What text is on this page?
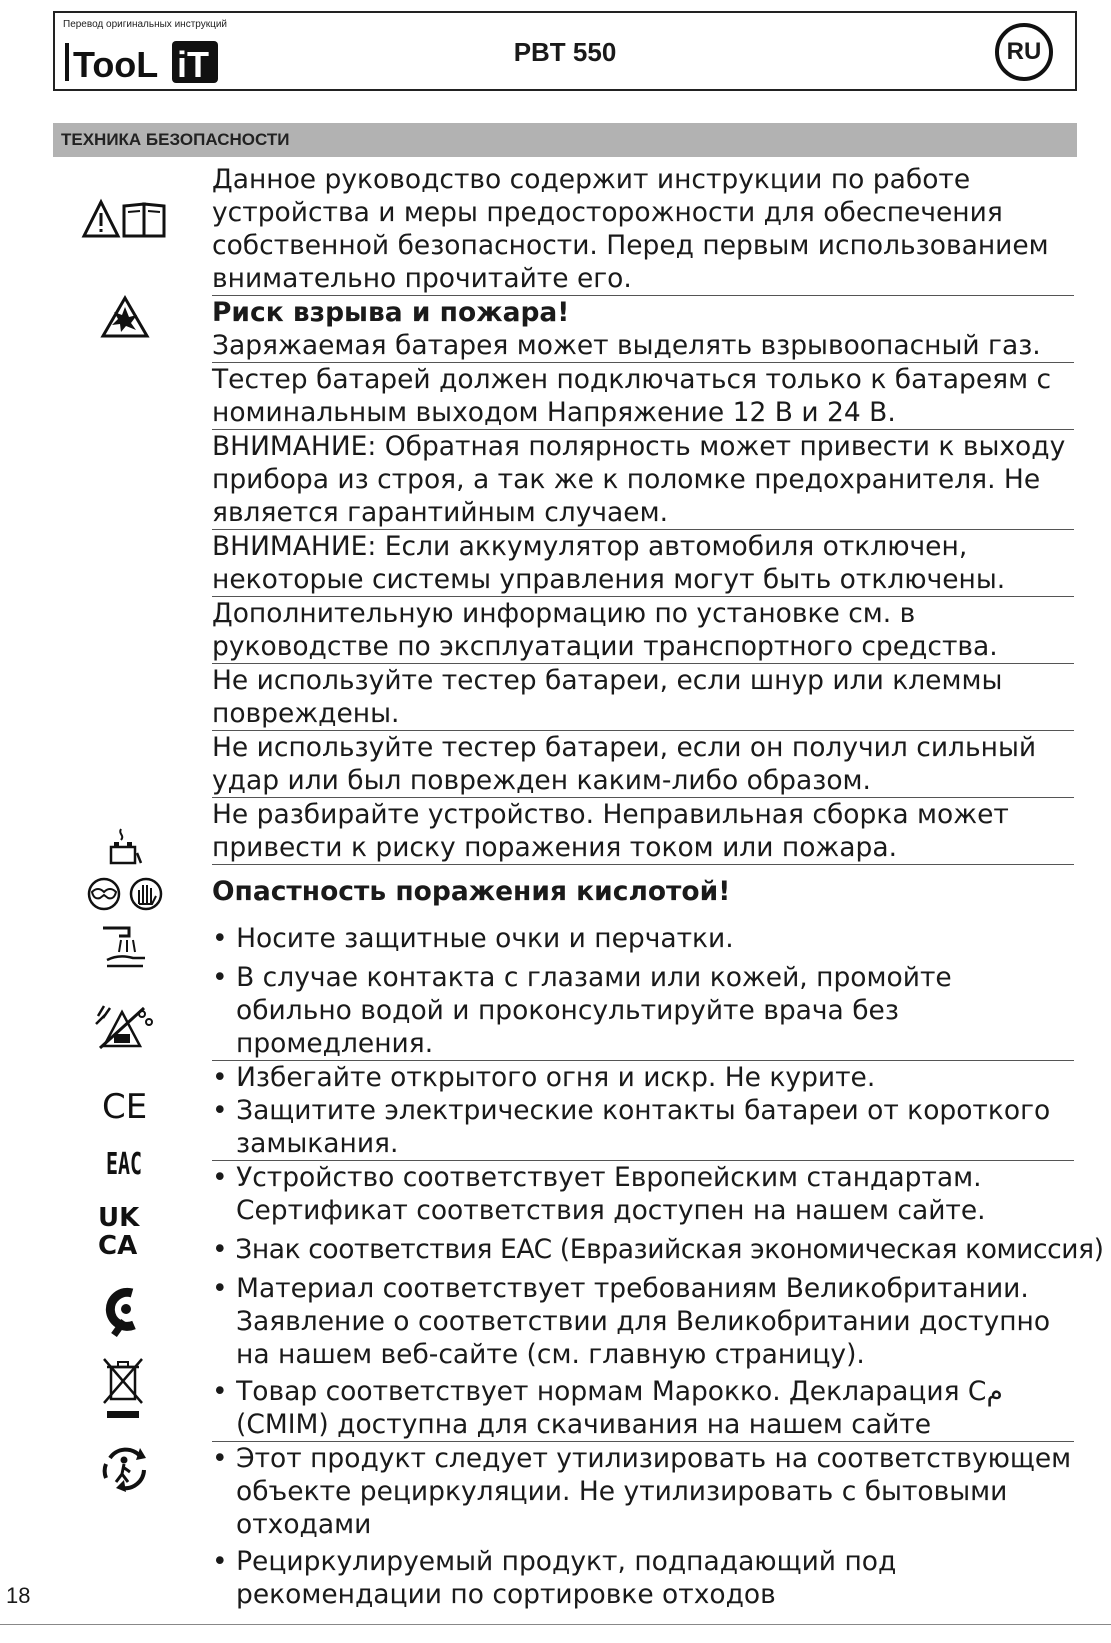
Перевод оригинальных инструкций
TooL iT	PBT 550	RU
ТЕХНИКА БЕЗОПАСНОСТИ
CE
EAC
UK
CA

Данное руководство содержит инструкции по работе устройства и меры предосторожности для обеспечения собственной безопасности. Перед первым использованием внимательно прочитайте его.

Риск взрыва и пожара!

Заряжаемая батарея может выделять взрывоопасный газ.

Тестер батарей должен подключаться только к батареям с номинальным выходом Напряжение 12 В и 24 В.

ВНИМАНИЕ: Обратная полярность может привести к выходу прибора из строя, а так же к поломке предохранителя. Не является гарантийным случаем.

ВНИМАНИЕ: Если аккумулятор автомобиля отключен, некоторые системы управления могут быть отключены.

Дополнительную информацию по установке см. в руководстве по эксплуатации транспортного средства.

Не используйте тестер батареи, если шнур или клеммы повреждены.

Не используйте тестер батареи, если он получил сильный удар или был поврежден каким-либо образом.

Не разбирайте устройство. Неправильная сборка может привести к риску поражения током или пожара.

Опастность поражения кислотой!

• Носите защитные очки и перчатки.

• В случае контакта с глазами или кожей, промойте обильно водой и проконсультируйте врача без промедления.

• Избегайте открытого огня и искр. Не курите.

• Защитите электрические контакты батареи от короткого замыкания.

• Устройство соответствует Европейским стандартам. Сертификат соответствия доступен на нашем сайте.

• Знак соответствия EAC (Евразийская экономическая комиссия)

• Материал соответствует требованиям Великобритании. Заявление о соответствии для Великобритании доступно на нашем веб-сайте (см. главную страницу).

• Товар соответствует нормам Марокко. Декларация Cم (CMIM) доступна для скачивания на нашем сайте

• Этот продукт следует утилизировать на соответствующем объекте рециркуляции. Не утилизировать с бытовыми отходами

• Рециркулируемый продукт, подпадающий под рекомендации по сортировке отходов

18
